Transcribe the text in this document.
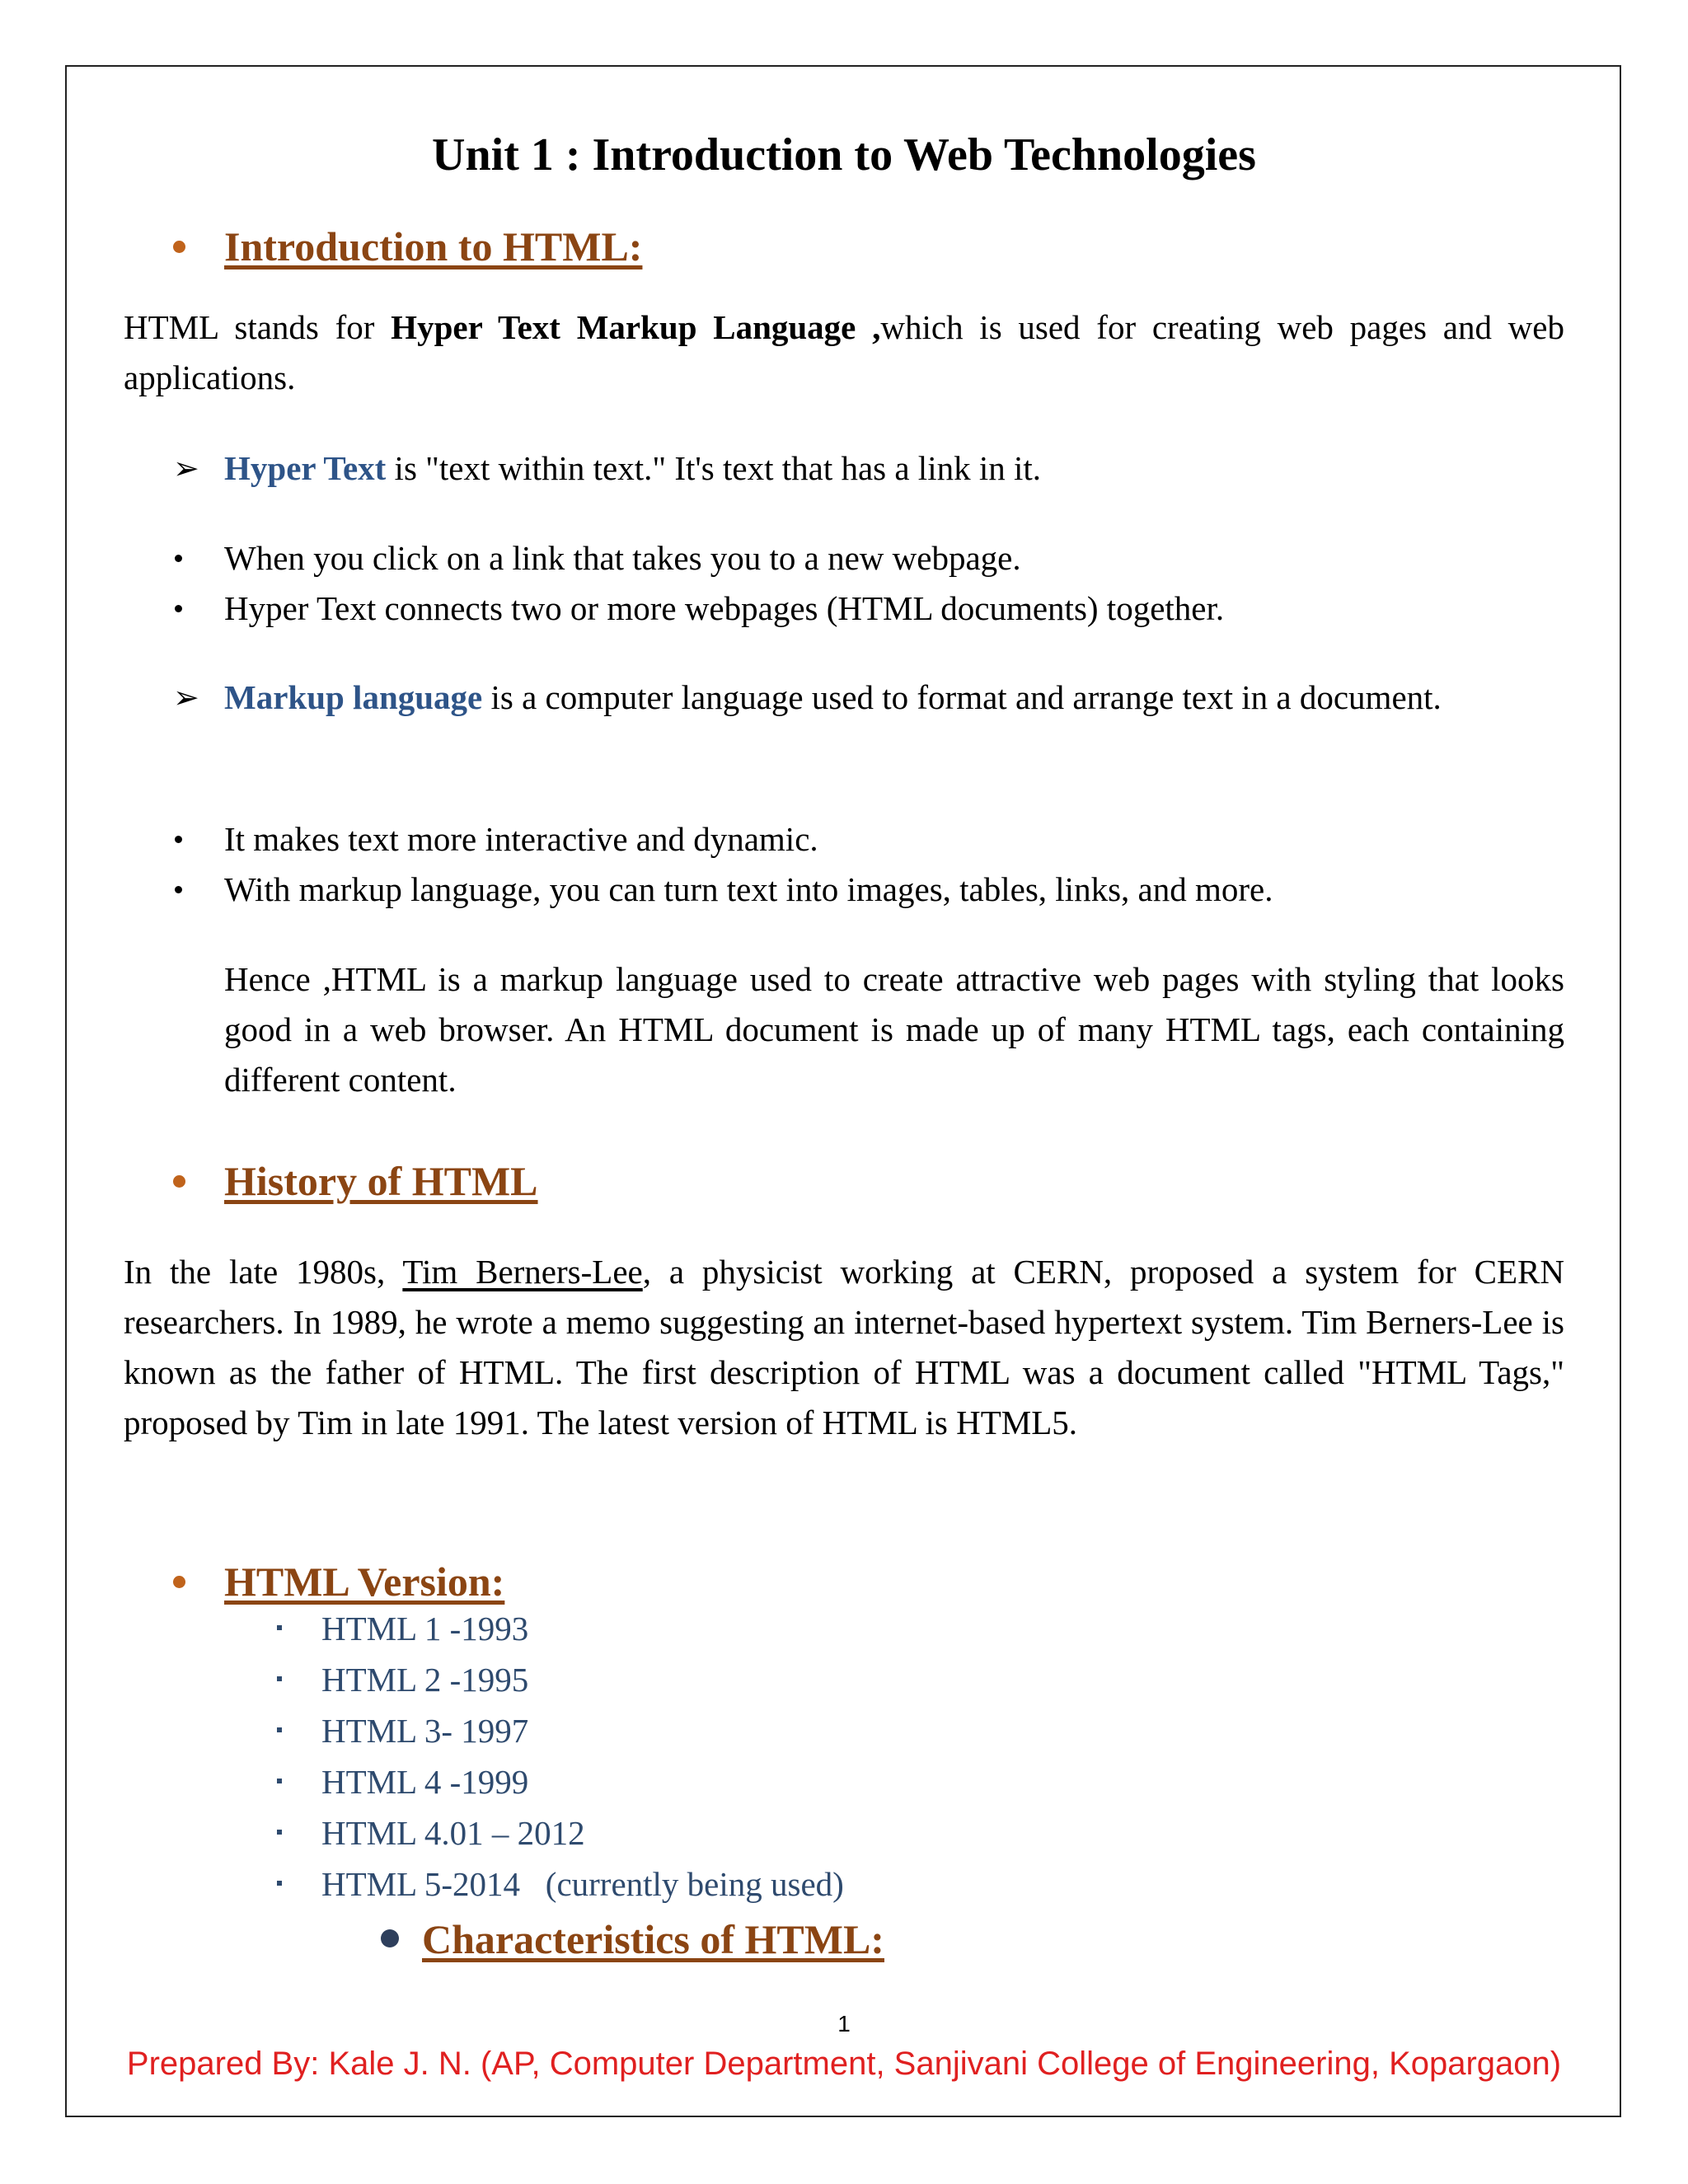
Unit 1 : Introduction to Web Technologies
Introduction to HTML:
HTML stands for Hyper Text Markup Language ,which is used for creating web pages and web applications.
➢ Hyper Text is "text within text." It's text that has a link in it.
When you click on a link that takes you to a new webpage.
Hyper Text connects two or more webpages (HTML documents) together.
➢ Markup language is a computer language used to format and arrange text in a document.
It makes text more interactive and dynamic.
With markup language, you can turn text into images, tables, links, and more.
Hence ,HTML is a markup language used to create attractive web pages with styling that looks good in a web browser. An HTML document is made up of many HTML tags, each containing different content.
History of HTML
In the late 1980s, Tim Berners-Lee, a physicist working at CERN, proposed a system for CERN researchers. In 1989, he wrote a memo suggesting an internet-based hypertext system. Tim Berners-Lee is known as the father of HTML. The first description of HTML was a document called "HTML Tags," proposed by Tim in late 1991. The latest version of HTML is HTML5.
HTML Version:
HTML 1 -1993
HTML 2 -1995
HTML 3- 1997
HTML 4 -1999
HTML 4.01 – 2012
HTML 5-2014   (currently being used)
Characteristics of HTML:
1
Prepared By: Kale J. N. (AP, Computer Department, Sanjivani College of Engineering, Kopargaon)
